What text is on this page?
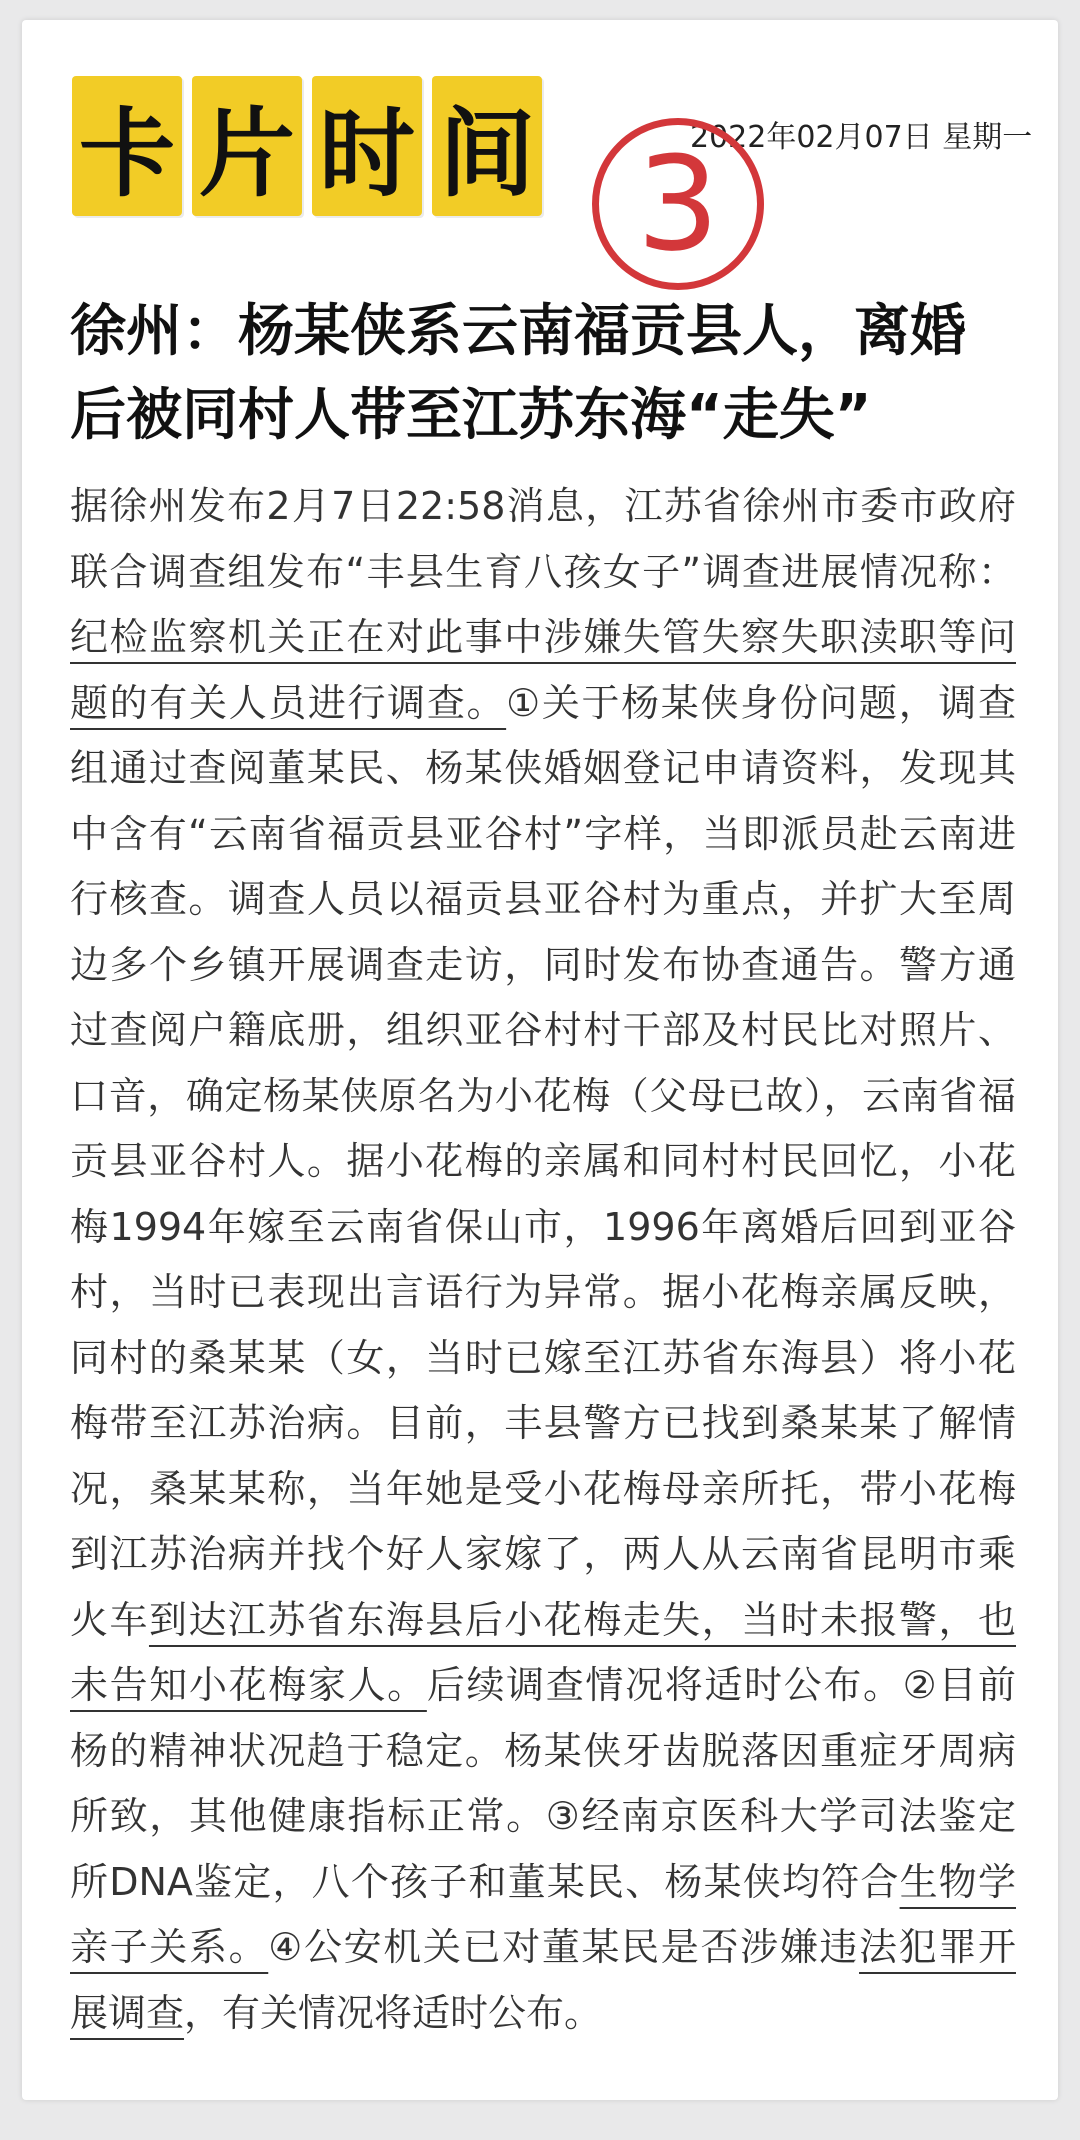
卡 片 时 间	2022年02月07日 星期一
3
徐州：杨某侠系云南福贡县人，离婚后被同村人带至江苏东海“走失”

据徐州发布2月7日22:58消息，江苏省徐州市委市政府联合调查组发布“丰县生育八孩女子”调查进展情况称：纪检监察机关正在对此事中涉嫌失管失察失职渎职等问题的有关人员进行调查。①关于杨某侠身份问题，调查组通过查阅董某民、杨某侠婚姻登记申请资料，发现其中含有“云南省福贡县亚谷村”字样，当即派员赴云南进行核查。调查人员以福贡县亚谷村为重点，并扩大至周边多个乡镇开展调查走访，同时发布协查通告。警方通过查阅户籍底册，组织亚谷村村干部及村民比对照片、口音，确定杨某侠原名为小花梅（父母已故），云南省福贡县亚谷村人。据小花梅的亲属和同村村民回忆，小花梅1994年嫁至云南省保山市，1996年离婚后回到亚谷村，当时已表现出言语行为异常。据小花梅亲属反映，同村的桑某某（女，当时已嫁至江苏省东海县）将小花梅带至江苏治病。目前，丰县警方已找到桑某某了解情况，桑某某称，当年她是受小花梅母亲所托，带小花梅到江苏治病并找个好人家嫁了，两人从云南省昆明市乘火车到达江苏省东海县后小花梅走失，当时未报警，也未告知小花梅家人。后续调查情况将适时公布。②目前杨的精神状况趋于稳定。杨某侠牙齿脱落因重症牙周病所致，其他健康指标正常。③经南京医科大学司法鉴定所DNA鉴定，八个孩子和董某民、杨某侠均符合生物学亲子关系。④公安机关已对董某民是否涉嫌违法犯罪开展调查，有关情况将适时公布。
